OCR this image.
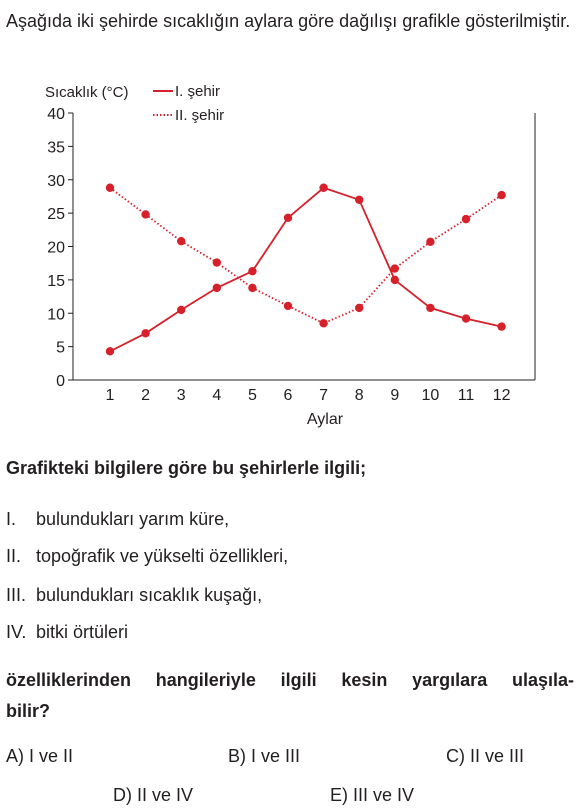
Aşağıda iki şehirde sıcaklığın aylara göre dağılışı grafikle gösterilmiştir.
0
5
10
15
20
25
30
35
40
1 2 3 4 5 6 7 8 9 10 11 12
Sıcaklık (°C)
Aylar
I. şehir
II. şehir
Grafikteki bilgilere göre bu şehirlerle ilgili;
I. bulundukları yarım küre,
II. topoğrafik ve yükselti özellikleri,
III. bulundukları sıcaklık kuşağı,
IV. bitki örtüleri
özelliklerinden hangileriyle ilgili kesin yargılara ulaşıla-
bilir?
A) I ve II	B) I ve III	C) II ve III
D) II ve IV	E) III ve IV
